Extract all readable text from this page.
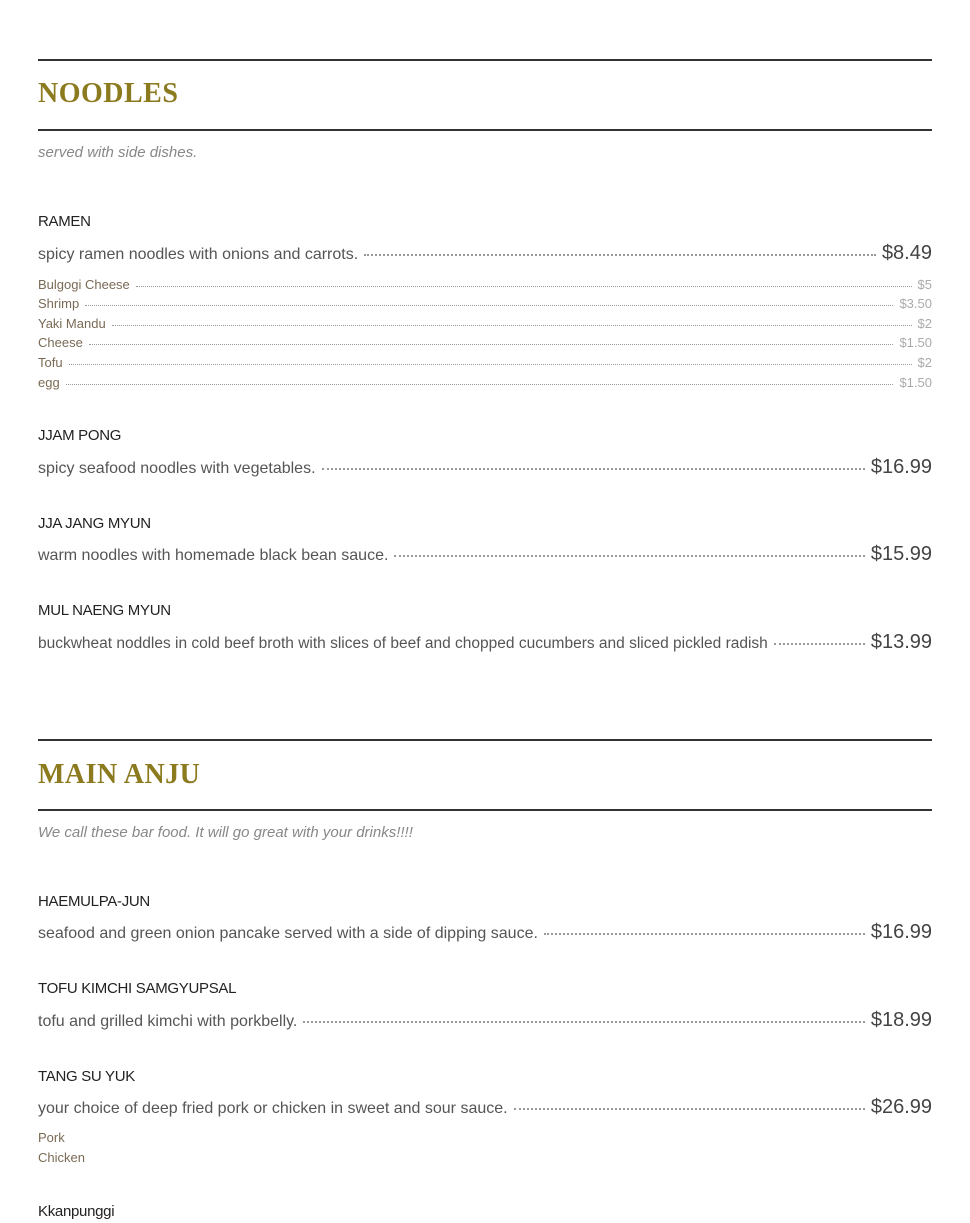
NOODLES
served with side dishes.
RAMEN
spicy ramen noodles with onions and carrots.	$8.49
Bulgogi Cheese	$5
Shrimp	$3.50
Yaki Mandu	$2
Cheese	$1.50
Tofu	$2
egg	$1.50
JJAM PONG
spicy seafood noodles with vegetables.	$16.99
JJA JANG MYUN
warm noodles with homemade black bean sauce.	$15.99
MUL NAENG MYUN
buckwheat noddles in cold beef broth with slices of beef and chopped cucumbers and sliced pickled radish	$13.99
MAIN ANJU
We call these bar food. It will go great with your drinks!!!!
HAEMULPA-JUN
seafood and green onion pancake served with a side of dipping sauce.	$16.99
TOFU KIMCHI SAMGYUPSAL
tofu and grilled kimchi with porkbelly.	$18.99
TANG SU YUK
your choice of deep fried pork or chicken in sweet and sour sauce.	$26.99
Pork
Chicken
Kkanpunggi
